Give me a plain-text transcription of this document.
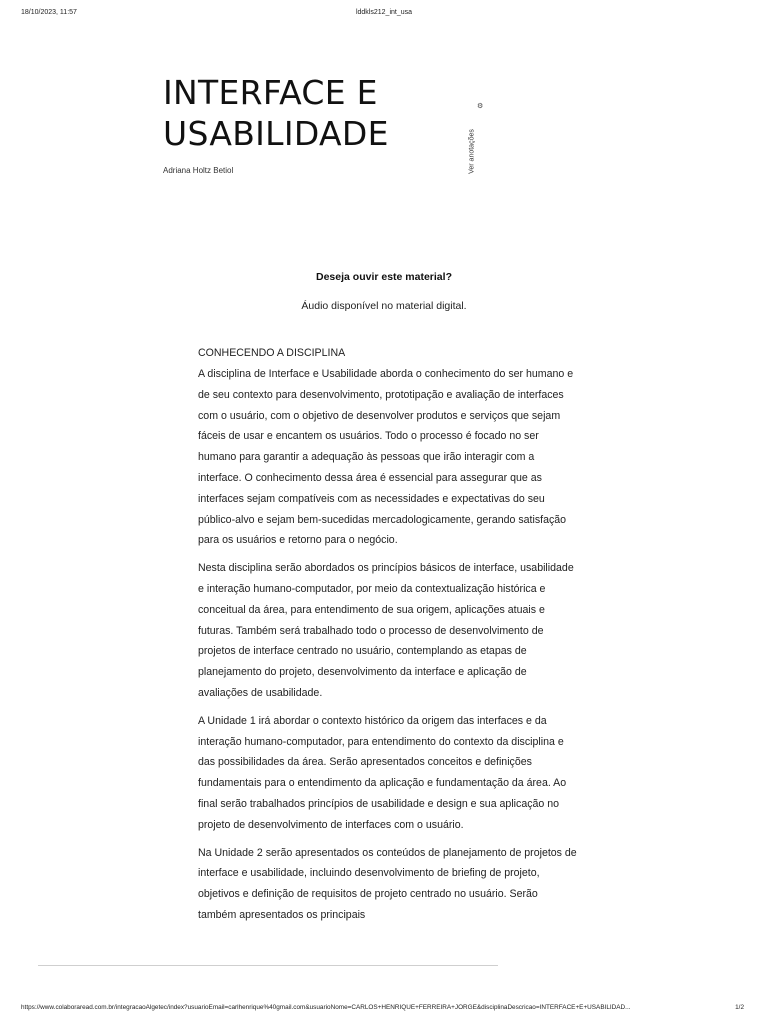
18/10/2023, 11:57	lddkls212_int_usa
INTERFACE E
USABILIDADE
Adriana Holtz Betiol
⚙
Ver anotações
Deseja ouvir este material?
Áudio disponível no material digital.
CONHECENDO A DISCIPLINA

A disciplina de Interface e Usabilidade aborda o conhecimento do ser humano e de seu contexto para desenvolvimento, prototipação e avaliação de interfaces com o usuário, com o objetivo de desenvolver produtos e serviços que sejam fáceis de usar e encantem os usuários. Todo o processo é focado no ser humano para garantir a adequação às pessoas que irão interagir com a interface. O conhecimento dessa área é essencial para assegurar que as interfaces sejam compatíveis com as necessidades e expectativas do seu público-alvo e sejam bem-sucedidas mercadologicamente, gerando satisfação para os usuários e retorno para o negócio.

Nesta disciplina serão abordados os princípios básicos de interface, usabilidade e interação humano-computador, por meio da contextualização histórica e conceitual da área, para entendimento de sua origem, aplicações atuais e futuras. Também será trabalhado todo o processo de desenvolvimento de projetos de interface centrado no usuário, contemplando as etapas de planejamento do projeto, desenvolvimento da interface e aplicação de avaliações de usabilidade.

A Unidade 1 irá abordar o contexto histórico da origem das interfaces e da interação humano-computador, para entendimento do contexto da disciplina e das possibilidades da área. Serão apresentados conceitos e definições fundamentais para o entendimento da aplicação e fundamentação da área. Ao final serão trabalhados princípios de usabilidade e design e sua aplicação no projeto de desenvolvimento de interfaces com o usuário.

Na Unidade 2 serão apresentados os conteúdos de planejamento de projetos de interface e usabilidade, incluindo desenvolvimento de briefing de projeto, objetivos e definição de requisitos de projeto centrado no usuário. Serão também apresentados os principais

https://www.colaboraread.com.br/integracaoAlgetec/index?usuarioEmail=carlhenrique%40gmail.com&usuarioNome=CARLOS+HENRIQUE+FERREIRA+JORGE&disciplinaDescricao=INTERFACE+E+USABILIDAD...	1/2
